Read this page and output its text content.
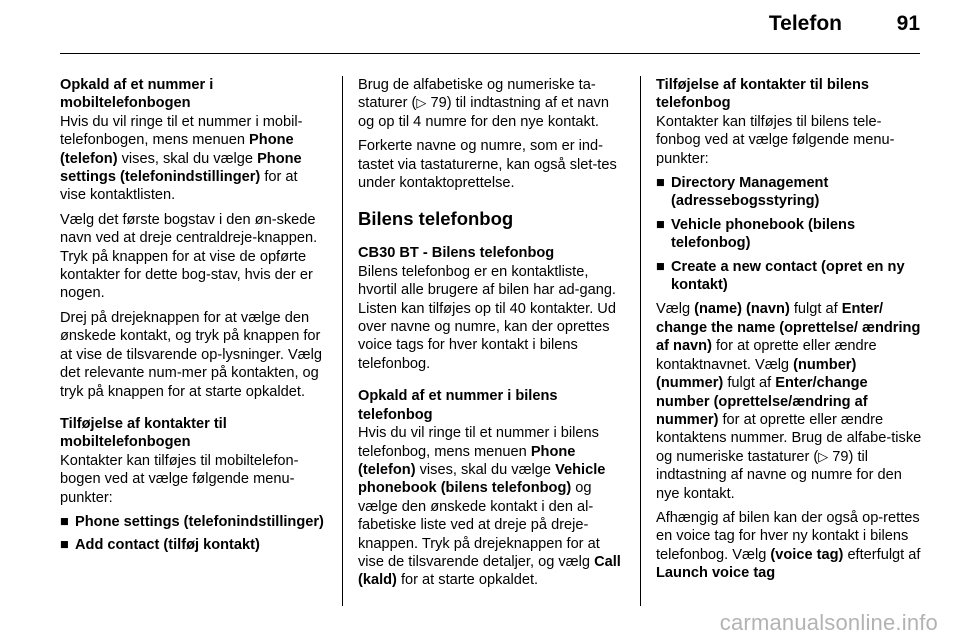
Telefon	91
Opkald af et nummer i mobiltelefonbogen

Hvis du vil ringe til et nummer i mobil-telefonbogen, mens menuen Phone (telefon) vises, skal du vælge Phone settings (telefonindstillinger) for at vise kontaktlisten.

Vælg det første bogstav i den øn-skede navn ved at dreje centraldreje-knappen. Tryk på knappen for at vise de opførte kontakter for dette bog-stav, hvis der er nogen.

Drej på drejeknappen for at vælge den ønskede kontakt, og tryk på knappen for at vise de tilsvarende op-lysninger. Vælg det relevante num-mer på kontakten, og tryk på knappen for at starte opkaldet.

Tilføjelse af kontakter til mobiltelefonbogen

Kontakter kan tilføjes til mobiltelefon-bogen ved at vælge følgende menu-punkter:

■ Phone settings (telefonindstillinger)
■ Add contact (tilføj kontakt)

Brug de alfabetiske og numeriske ta-staturer (▷ 79) til indtastning af et navn og op til 4 numre for den nye kontakt.

Forkerte navne og numre, som er ind-tastet via tastaturerne, kan også slet-tes under kontaktoprettelse.

Bilens telefonbog
CB30 BT - Bilens telefonbog

Bilens telefonbog er en kontaktliste, hvortil alle brugere af bilen har ad-gang. Listen kan tilføjes op til 40 kontakter. Ud over navne og numre, kan der oprettes voice tags for hver kontakt i bilens telefonbog.

Opkald af et nummer i bilens telefonbog

Hvis du vil ringe til et nummer i bilens telefonbog, mens menuen Phone (telefon) vises, skal du vælge Vehicle phonebook (bilens telefonbog) og vælge den ønskede kontakt i den al-fabetiske liste ved at dreje på dreje-knappen. Tryk på drejeknappen for at vise de tilsvarende detaljer, og vælg Call (kald) for at starte opkaldet.

Tilføjelse af kontakter til bilens telefonbog

Kontakter kan tilføjes til bilens tele-fonbog ved at vælge følgende menu-punkter:

■ Directory Management (adressebogsstyring)
■ Vehicle phonebook (bilens telefonbog)
■ Create a new contact (opret en ny kontakt)

Vælg (name) (navn) fulgt af Enter/ change the name (oprettelse/ ændring af navn) for at oprette eller ændre kontaktnavnet. Vælg (number) (nummer) fulgt af Enter/change number (oprettelse/ændring af nummer) for at oprette eller ændre kontaktens nummer. Brug de alfabe-tiske og numeriske tastaturer (▷ 79) til indtastning af navne og numre for den nye kontakt.

Afhængig af bilen kan der også op-rettes en voice tag for hver ny kontakt i bilens telefonbog. Vælg (voice tag) efterfulgt af Launch voice tag

carmanualsonline.info
